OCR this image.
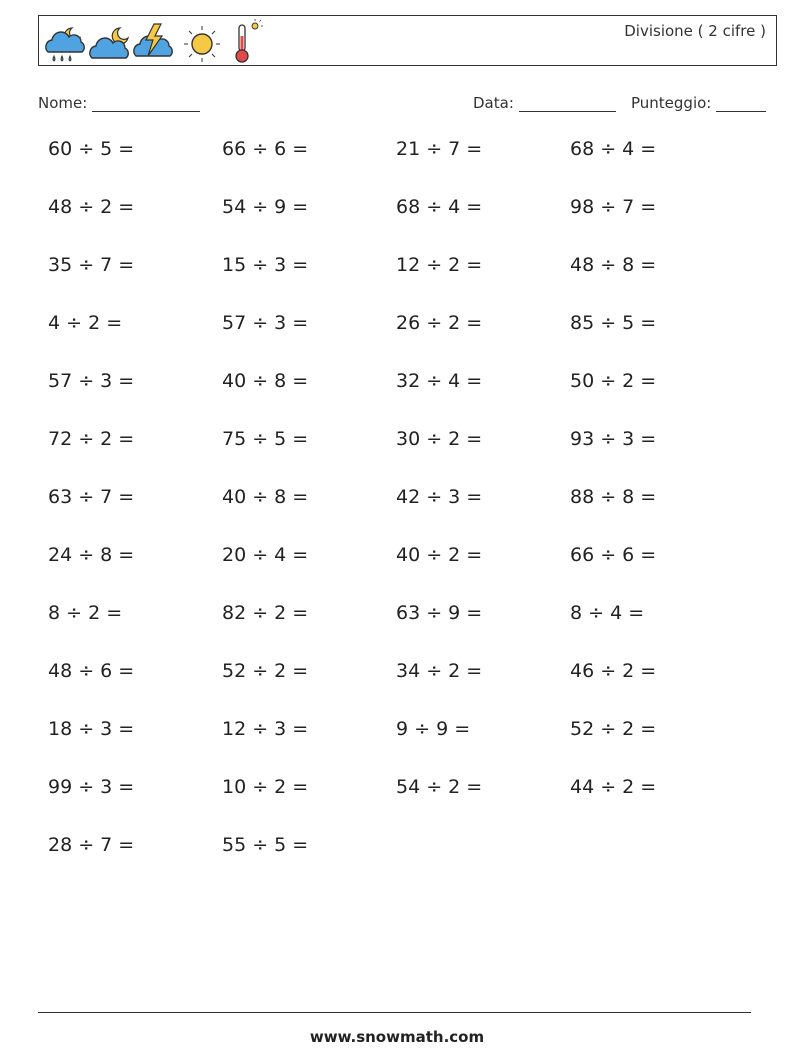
Divisione ( 2 cifre )
Nome:	Data:	Punteggio:
60 ÷ 5 =	66 ÷ 6 =	21 ÷ 7 =	68 ÷ 4 =
48 ÷ 2 =	54 ÷ 9 =	68 ÷ 4 =	98 ÷ 7 =
35 ÷ 7 =	15 ÷ 3 =	12 ÷ 2 =	48 ÷ 8 =
4 ÷ 2 =	57 ÷ 3 =	26 ÷ 2 =	85 ÷ 5 =
57 ÷ 3 =	40 ÷ 8 =	32 ÷ 4 =	50 ÷ 2 =
72 ÷ 2 =	75 ÷ 5 =	30 ÷ 2 =	93 ÷ 3 =
63 ÷ 7 =	40 ÷ 8 =	42 ÷ 3 =	88 ÷ 8 =
24 ÷ 8 =	20 ÷ 4 =	40 ÷ 2 =	66 ÷ 6 =
8 ÷ 2 =	82 ÷ 2 =	63 ÷ 9 =	8 ÷ 4 =
48 ÷ 6 =	52 ÷ 2 =	34 ÷ 2 =	46 ÷ 2 =
18 ÷ 3 =	12 ÷ 3 =	9 ÷ 9 =	52 ÷ 2 =
99 ÷ 3 =	10 ÷ 2 =	54 ÷ 2 =	44 ÷ 2 =
28 ÷ 7 =	55 ÷ 5 =
www.snowmath.com
